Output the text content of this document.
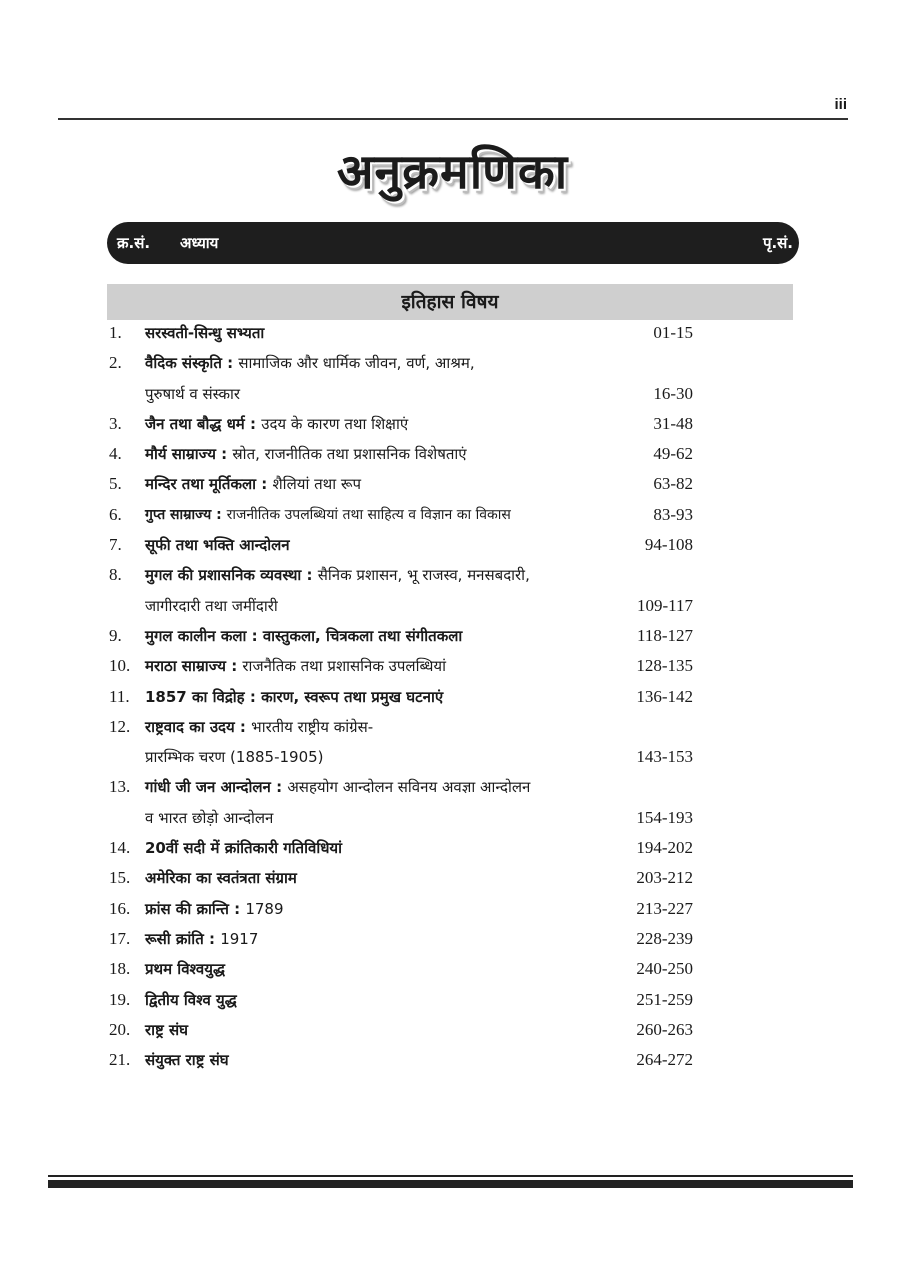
iii
अनुक्रमणिका
क्र.सं. अध्याय	पृ.सं.
इतिहास विषय
1.	सरस्वती-सिन्धु सभ्यता	01-15
2.	वैदिक संस्कृति : सामाजिक और धार्मिक जीवन, वर्ण, आश्रम,
पुरुषार्थ व संस्कार	16-30
3.	जैन तथा बौद्ध धर्म : उदय के कारण तथा शिक्षाएं	31-48
4.	मौर्य साम्राज्य : स्रोत, राजनीतिक तथा प्रशासनिक विशेषताएं	49-62
5.	मन्दिर तथा मूर्तिकला : शैलियां तथा रूप	63-82
6.	गुप्त साम्राज्य : राजनीतिक उपलब्धियां तथा साहित्य व विज्ञान का विकास	83-93
7.	सूफी तथा भक्ति आन्दोलन	94-108
8.	मुगल की प्रशासनिक व्यवस्था : सैनिक प्रशासन, भू राजस्व, मनसबदारी,
जागीरदारी तथा जमींदारी	109-117
9.	मुगल कालीन कला : वास्तुकला, चित्रकला तथा संगीतकला	118-127
10. मराठा साम्राज्य : राजनैतिक तथा प्रशासनिक उपलब्धियां	128-135
11.	1857 का विद्रोह : कारण, स्वरूप तथा प्रमुख घटनाएं	136-142
12. राष्ट्रवाद का उदय : भारतीय राष्ट्रीय कांग्रेस-
प्रारम्भिक चरण (1885-1905)	143-153
13. गांधी जी जन आन्दोलन : असहयोग आन्दोलन सविनय अवज्ञा आन्दोलन
व भारत छोड़ो आन्दोलन	154-193
14. 20वीं सदी में क्रांतिकारी गतिविधियां	194-202
15. अमेरिका का स्वतंत्रता संग्राम	203-212
16. फ्रांस की क्रान्ति : 1789	213-227
17. रूसी क्रांति : 1917	228-239
18. प्रथम विश्वयुद्ध	240-250
19. द्वितीय विश्व युद्ध	251-259
20. राष्ट्र संघ	260-263
21. संयुक्त राष्ट्र संघ	264-272
